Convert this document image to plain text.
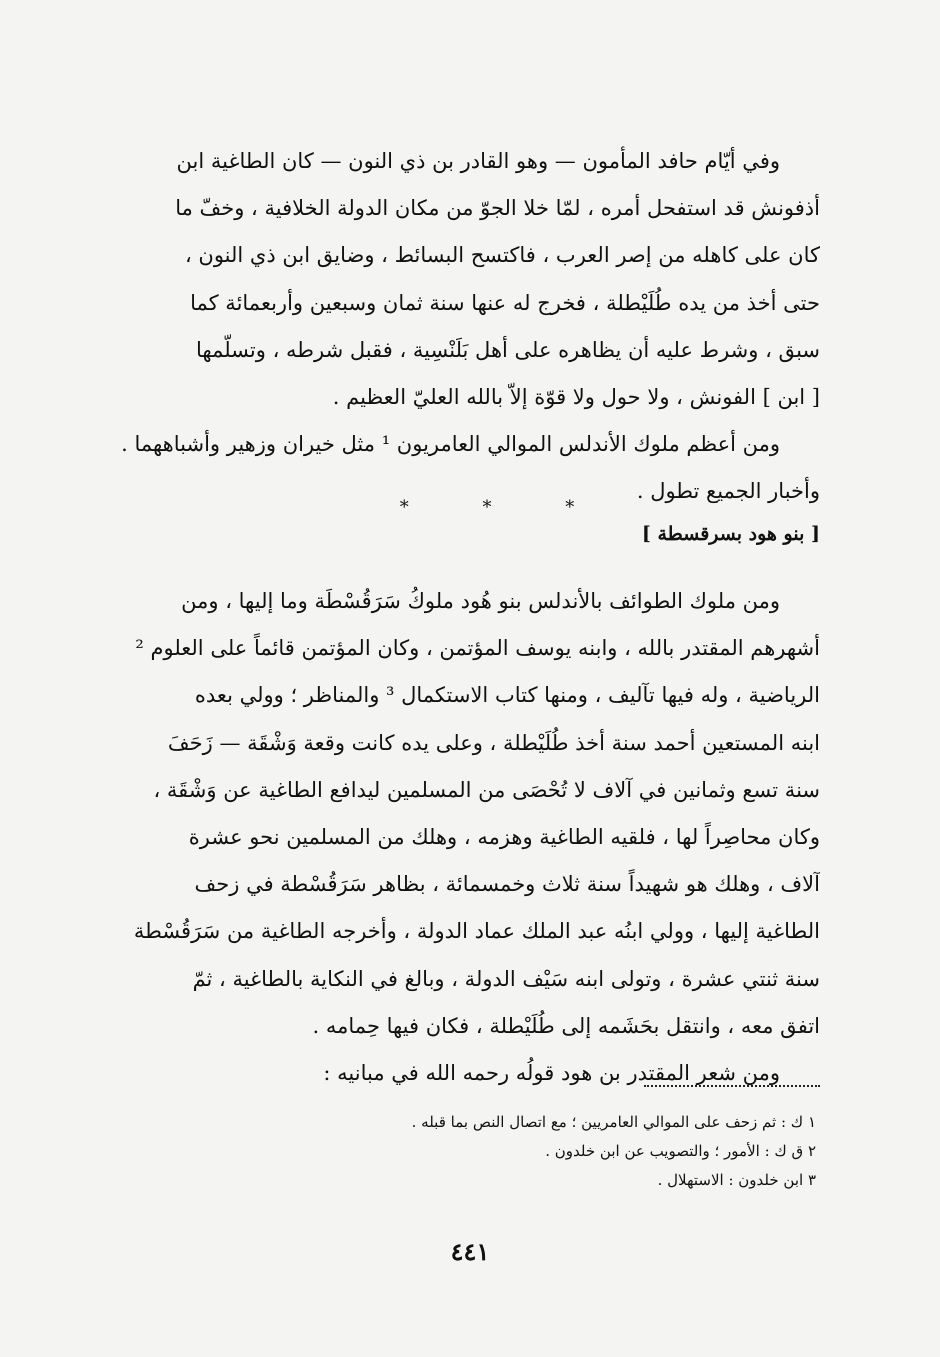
وفي أيّام حافد المأمون — وهو القادر بن ذي النون — كان الطاغية ابن
أذفونش قد استفحل أمره ، لمّا خلا الجوّ من مكان الدولة الخلافية ، وخفّ ما
كان على كاهله من إصر العرب ، فاكتسح البسائط ، وضايق ابن ذي النون ،
حتى أخذ من يده طُلَيْطلة ، فخرج له عنها سنة ثمان وسبعين وأربعمائة كما
سبق ، وشرط عليه أن يظاهره على أهل بَلَنْسِية ، فقبل شرطه ، وتسلّمها
[ ابن ] الفونش ، ولا حول ولا قوّة إلاّ بالله العليّ العظيم .
ومن أعظم ملوك الأندلس الموالي العامريون ¹ مثل خيران وزهير وأشباههما .
وأخبار الجميع تطول .
* * *
[ بنو هود بسرقسطة ]
ومن ملوك الطوائف بالأندلس بنو هُود ملوكُ سَرَقُسْطَة وما إليها ، ومن
أشهرهم المقتدر بالله ، وابنه يوسف المؤتمن ، وكان المؤتمن قائماً على العلوم ²
الرياضية ، وله فيها تآليف ، ومنها كتاب الاستكمال ³ والمناظر ؛ وولي بعده
ابنه المستعين أحمد سنة أخذ طُلَيْطلة ، وعلى يده كانت وقعة وَشْقَة — زَحَفَ
سنة تسع وثمانين في آلاف لا تُحْصَى من المسلمين ليدافع الطاغية عن وَشْقَة ،
وكان محاصِراً لها ، فلقيه الطاغية وهزمه ، وهلك من المسلمين نحو عشرة
آلاف ، وهلك هو شهيداً سنة ثلاث وخمسمائة ، بظاهر سَرَقُسْطة في زحف
الطاغية إليها ، وولي ابنُه عبد الملك عماد الدولة ، وأخرجه الطاغية من سَرَقُسْطة
سنة ثنتي عشرة ، وتولى ابنه سَيْف الدولة ، وبالغ في النكاية بالطاغية ، ثمّ
اتفق معه ، وانتقل بحَشَمه إلى طُلَيْطلة ، فكان فيها حِمامه .
ومن شعر المقتدر بن هود قولُه رحمه الله في مبانيه :
١ ك : ثم زحف على الموالي العامريين ؛ مع اتصال النص بما قبله .
٢ ق ك : الأمور ؛ والتصويب عن ابن خلدون .
٣ ابن خلدون : الاستهلال .
٤٤١
